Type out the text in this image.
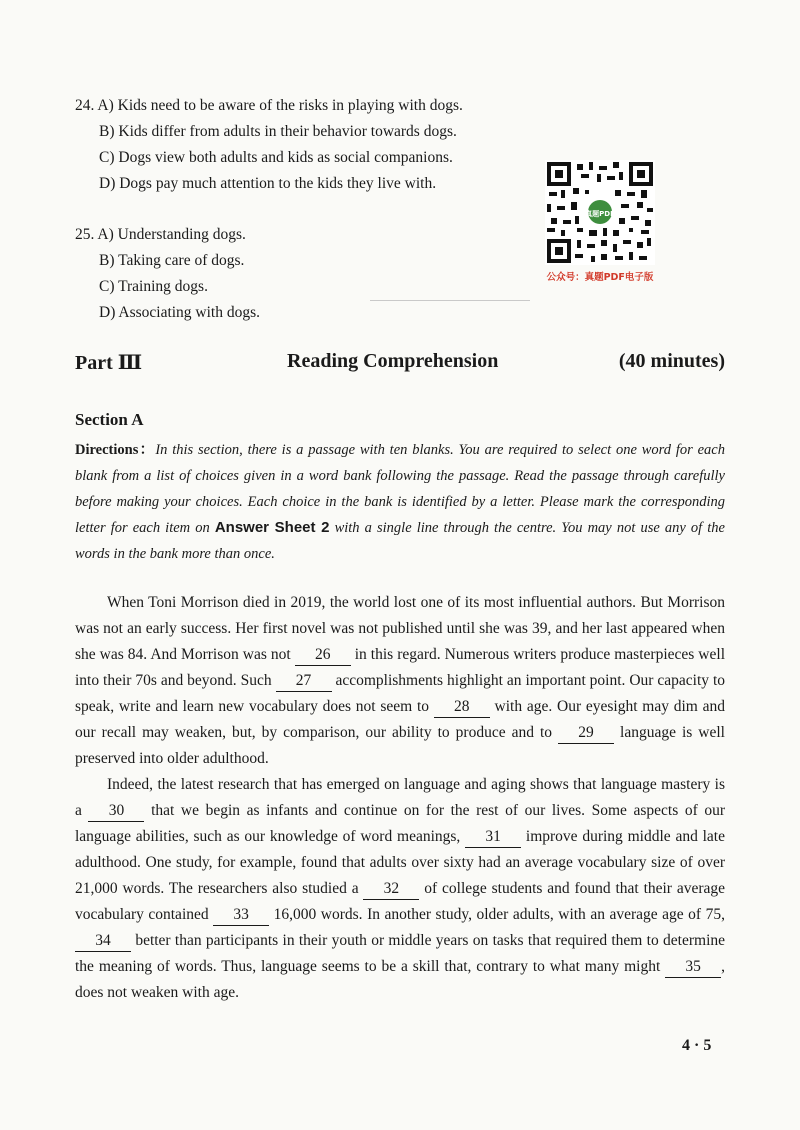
24. A) Kids need to be aware of the risks in playing with dogs.
B) Kids differ from adults in their behavior towards dogs.
C) Dogs view both adults and kids as social companions.
D) Dogs pay much attention to the kids they live with.
25. A) Understanding dogs.
B) Taking care of dogs.
C) Training dogs.
D) Associating with dogs.
真题PDF
公众号：真题PDF电子版
Part Ⅲ	Reading Comprehension	(40 minutes)
Section A
Directions：In this section, there is a passage with ten blanks. You are required to select one word for each blank from a list of choices given in a word bank following the passage. Read the passage through carefully before making your choices. Each choice in the bank is identified by a letter. Please mark the corresponding letter for each item on Answer Sheet 2 with a single line through the centre. You may not use any of the words in the bank more than once.

When Toni Morrison died in 2019, the world lost one of its most influential authors. But Morrison was not an early success. Her first novel was not published until she was 39, and her last appeared when she was 84. And Morrison was not 26 in this regard. Numerous writers produce masterpieces well into their 70s and beyond. Such 27 accomplishments highlight an important point. Our capacity to speak, write and learn new vocabulary does not seem to 28 with age. Our eyesight may dim and our recall may weaken, but, by comparison, our ability to produce and to 29 language is well preserved into older adulthood.

Indeed, the latest research that has emerged on language and aging shows that language mastery is a 30 that we begin as infants and continue on for the rest of our lives. Some aspects of our language abilities, such as our knowledge of word meanings, 31 improve during middle and late adulthood. One study, for example, found that adults over sixty had an average vocabulary size of over 21,000 words. The researchers also studied a 32 of college students and found that their average vocabulary contained 33 16,000 words. In another study, older adults, with an average age of 75, 34 better than participants in their youth or middle years on tasks that required them to determine the meaning of words. Thus, language seems to be a skill that, contrary to what many might 35 , does not weaken with age.

4 · 5
